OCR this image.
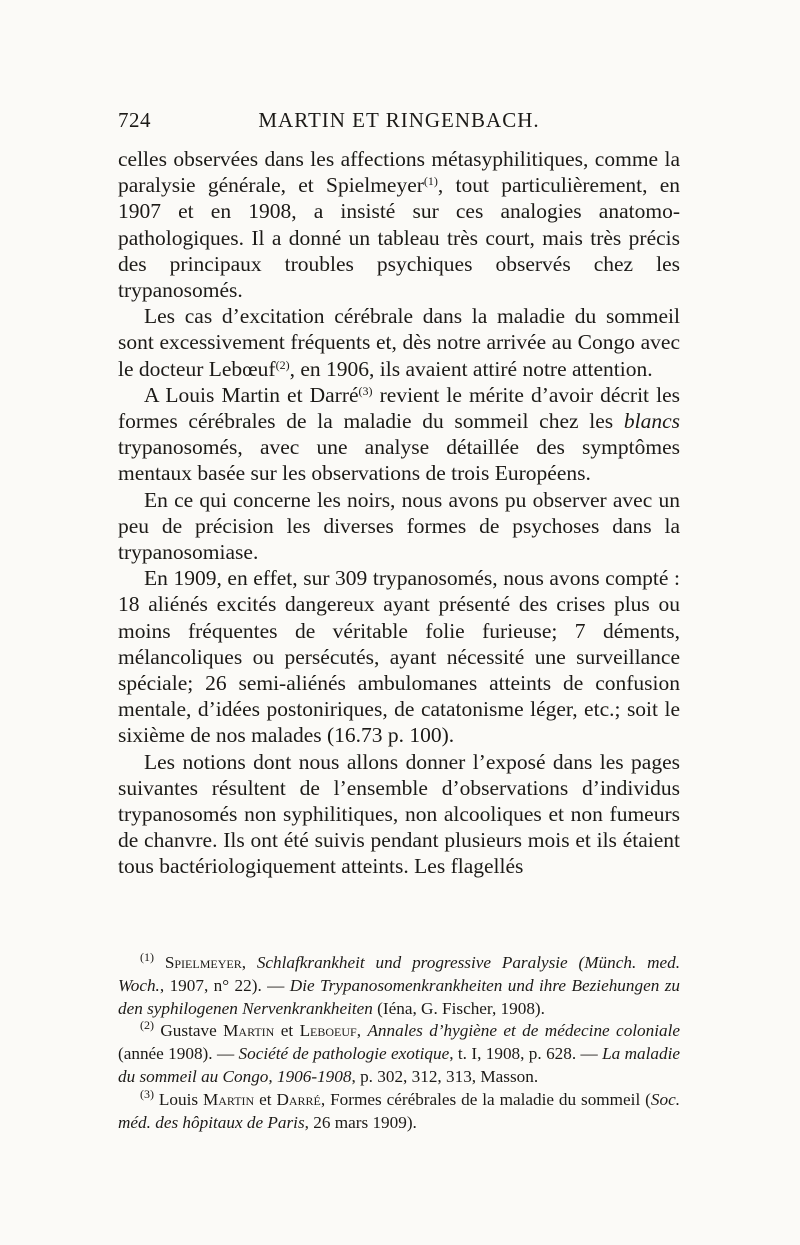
724	MARTIN ET RINGENBACH.

celles observées dans les affections métasyphilitiques, comme la paralysie générale, et Spielmeyer$^{(1)}$, tout particulièrement, en 1907 et en 1908, a insisté sur ces analogies anatomo-pathologiques. Il a donné un tableau très court, mais très précis des principaux troubles psychiques observés chez les trypanosomés.

Les cas d’excitation cérébrale dans la maladie du sommeil sont excessivement fréquents et, dès notre arrivée au Congo avec le docteur Lebœuf$^{(2)}$, en 1906, ils avaient attiré notre attention.

A Louis Martin et Darré$^{(3)}$ revient le mérite d’avoir décrit les formes cérébrales de la maladie du sommeil chez les blancs trypanosomés, avec une analyse détaillée des symptômes mentaux basée sur les observations de trois Européens.

En ce qui concerne les noirs, nous avons pu observer avec un peu de précision les diverses formes de psychoses dans la trypanosomiase.

En 1909, en effet, sur 309 trypanosomés, nous avons compté : 18 aliénés excités dangereux ayant présenté des crises plus ou moins fréquentes de véritable folie furieuse; 7 déments, mélancoliques ou persécutés, ayant nécessité une surveillance spéciale; 26 semi-aliénés ambulomanes atteints de confusion mentale, d’idées postoniriques, de catatonisme léger, etc.; soit le sixième de nos malades (16.73 p. 100).

Les notions dont nous allons donner l’exposé dans les pages suivantes résultent de l’ensemble d’observations d’individus trypanosomés non syphilitiques, non alcooliques et non fumeurs de chanvre. Ils ont été suivis pendant plusieurs mois et ils étaient tous bactériologiquement atteints. Les flagellés

$^{(1)}$ Spielmeyer, Schlafkrankheit und progressive Paralysie (Münch. med. Woch., 1907, n° 22). — Die Trypanosomenkrankheiten und ihre Beziehungen zu den syphilogenen Nervenkrankheiten (Iéna, G. Fischer, 1908).

$^{(2)}$ Gustave Martin et Leboeuf, Annales d’hygiène et de médecine coloniale (année 1908). — Société de pathologie exotique, t. I, 1908, p. 628. — La maladie du sommeil au Congo, 1906-1908, p. 302, 312, 313, Masson.

$^{(3)}$ Louis Martin et Darré, Formes cérébrales de la maladie du sommeil (Soc. méd. des hôpitaux de Paris, 26 mars 1909).
